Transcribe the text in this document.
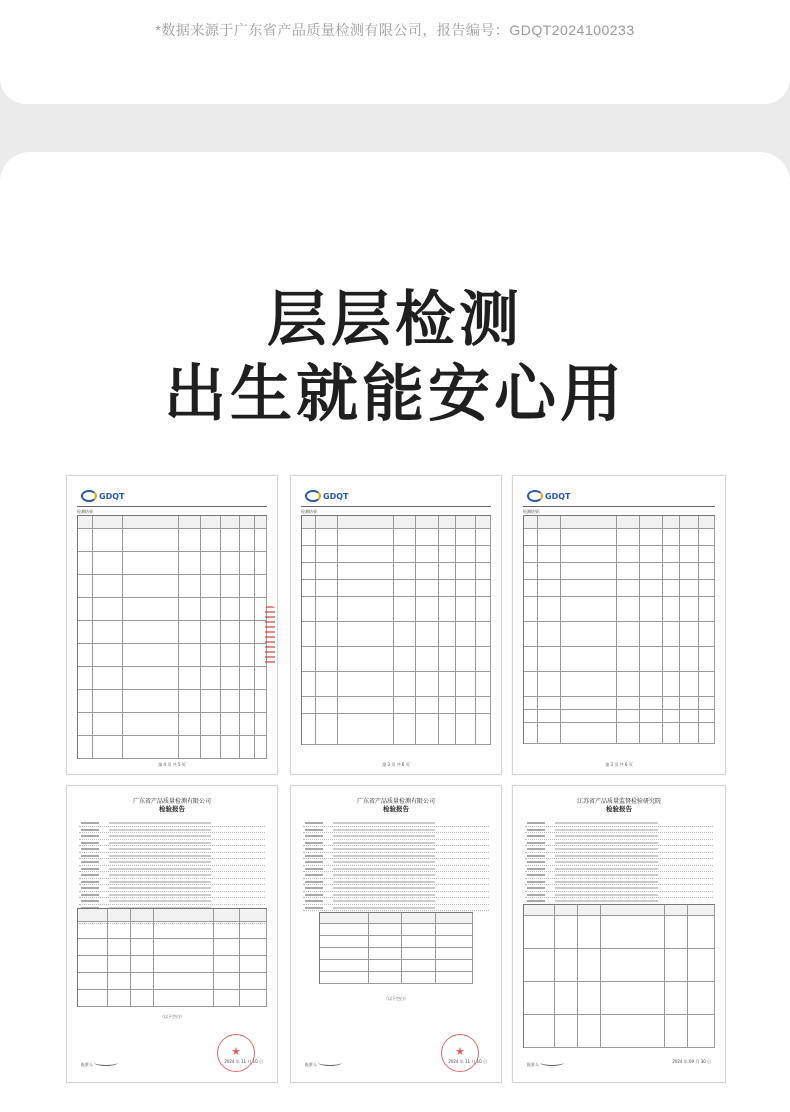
*数据来源于广东省产品质量检测有限公司，报告编号：GDQT2024100233
层层检测
出生就能安心用
GDQT
检测结果：
第 4 页 共 5 页
GDQT
检测结果：
第 3 页 共 6 页
GDQT
检测结果：
第 3 页 共 6 页
广东省产品质量检测有限公司
检验报告
（以下空白）
★
批准人
2024 年 11 月 10 日
广东省产品质量检测有限公司
检验报告
（以下空白）
★
批准人
2024 年 11 月 10 日
江苏省产品质量监督检验研究院
检验报告
批准人
2024 年 09 月 30 日
